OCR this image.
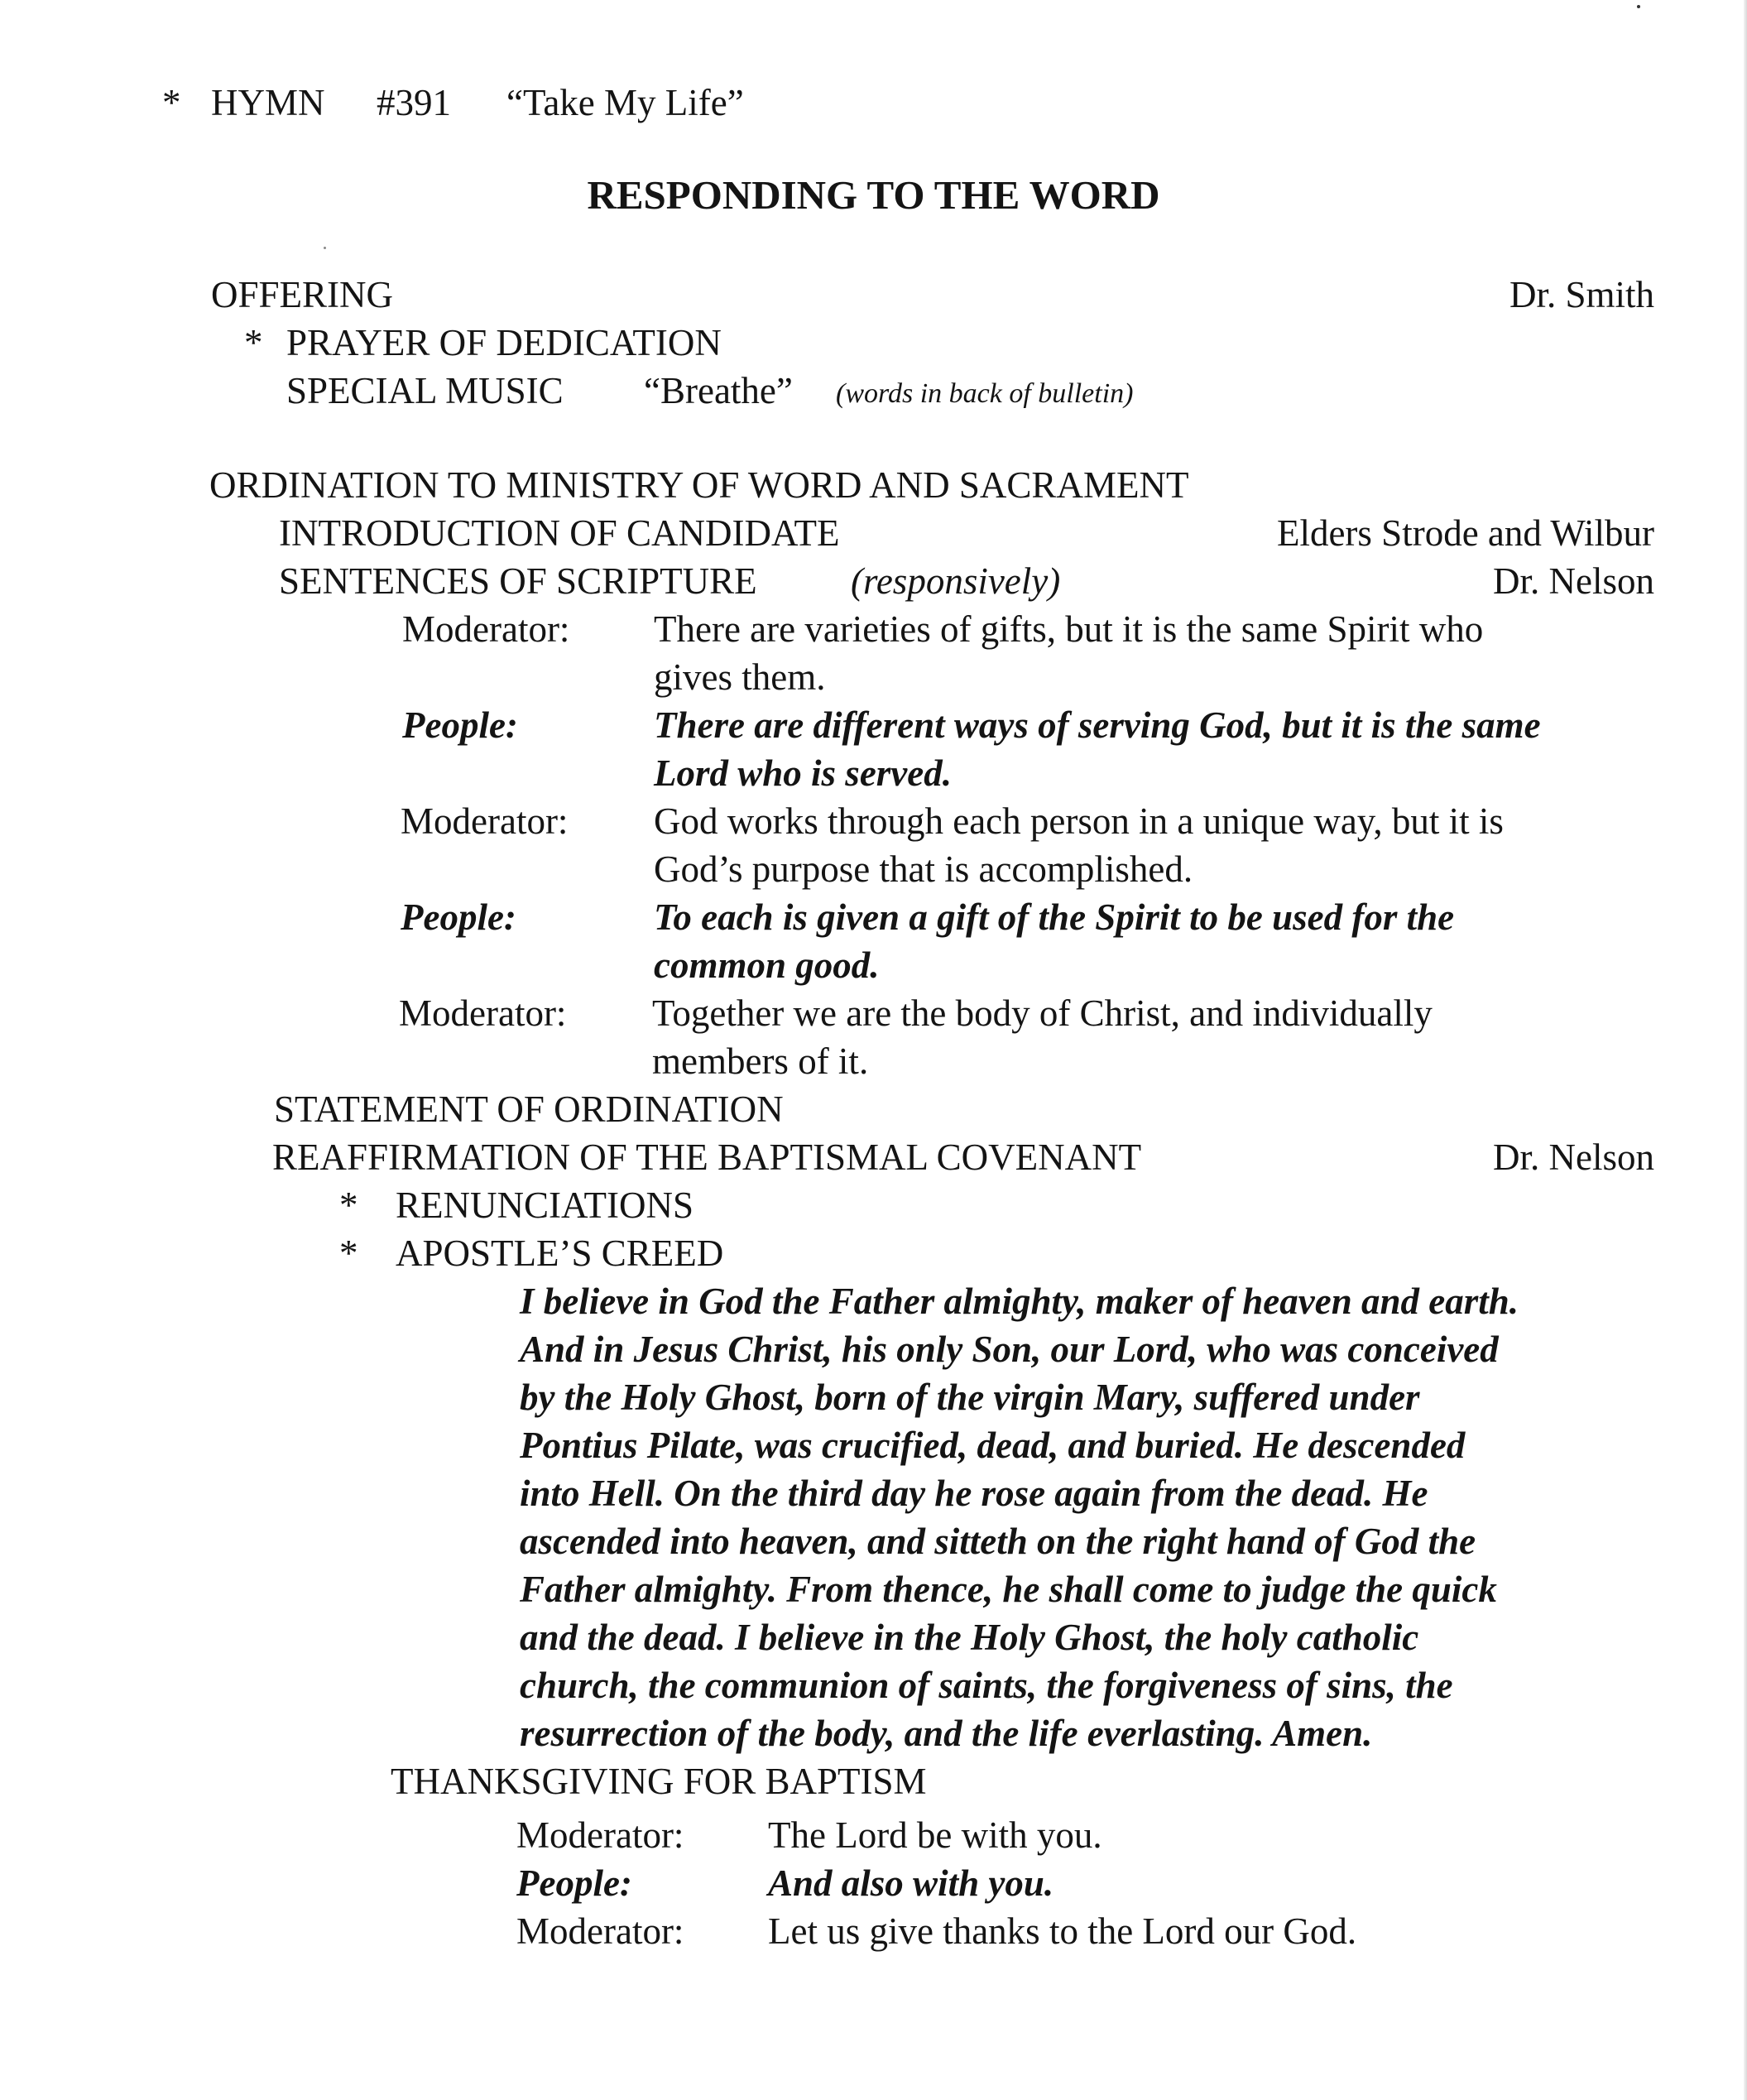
* HYMN #391 “Take My Life”
RESPONDING TO THE WORD
OFFERING	Dr. Smith
* PRAYER OF DEDICATION
SPECIAL MUSIC “Breathe” (words in back of bulletin)
ORDINATION TO MINISTRY OF WORD AND SACRAMENT
INTRODUCTION OF CANDIDATE	Elders Strode and Wilbur
SENTENCES OF SCRIPTURE	(responsively)	Dr. Nelson
Moderator: There are varieties of gifts, but it is the same Spirit who
gives them.
People:	There are different ways of serving God, but it is the same
Lord who is served.
Moderator: God works through each person in a unique way, but it is
God’s purpose that is accomplished.
People:	To each is given a gift of the Spirit to be used for the
common good.
Moderator: Together we are the body of Christ, and individually
members of it.
STATEMENT OF ORDINATION
REAFFIRMATION OF THE BAPTISMAL COVENANT	Dr. Nelson
* RENUNCIATIONS
* APOSTLE’S CREED
I believe in God the Father almighty, maker of heaven and earth.
And in Jesus Christ, his only Son, our Lord, who was conceived
by the Holy Ghost, born of the virgin Mary, suffered under
Pontius Pilate, was crucified, dead, and buried. He descended
into Hell. On the third day he rose again from the dead. He
ascended into heaven, and sitteth on the right hand of God the
Father almighty. From thence, he shall come to judge the quick
and the dead. I believe in the Holy Ghost, the holy catholic
church, the communion of saints, the forgiveness of sins, the
resurrection of the body, and the life everlasting. Amen.
THANKSGIVING FOR BAPTISM
Moderator: The Lord be with you.
People:	And also with you.
Moderator: Let us give thanks to the Lord our God.
